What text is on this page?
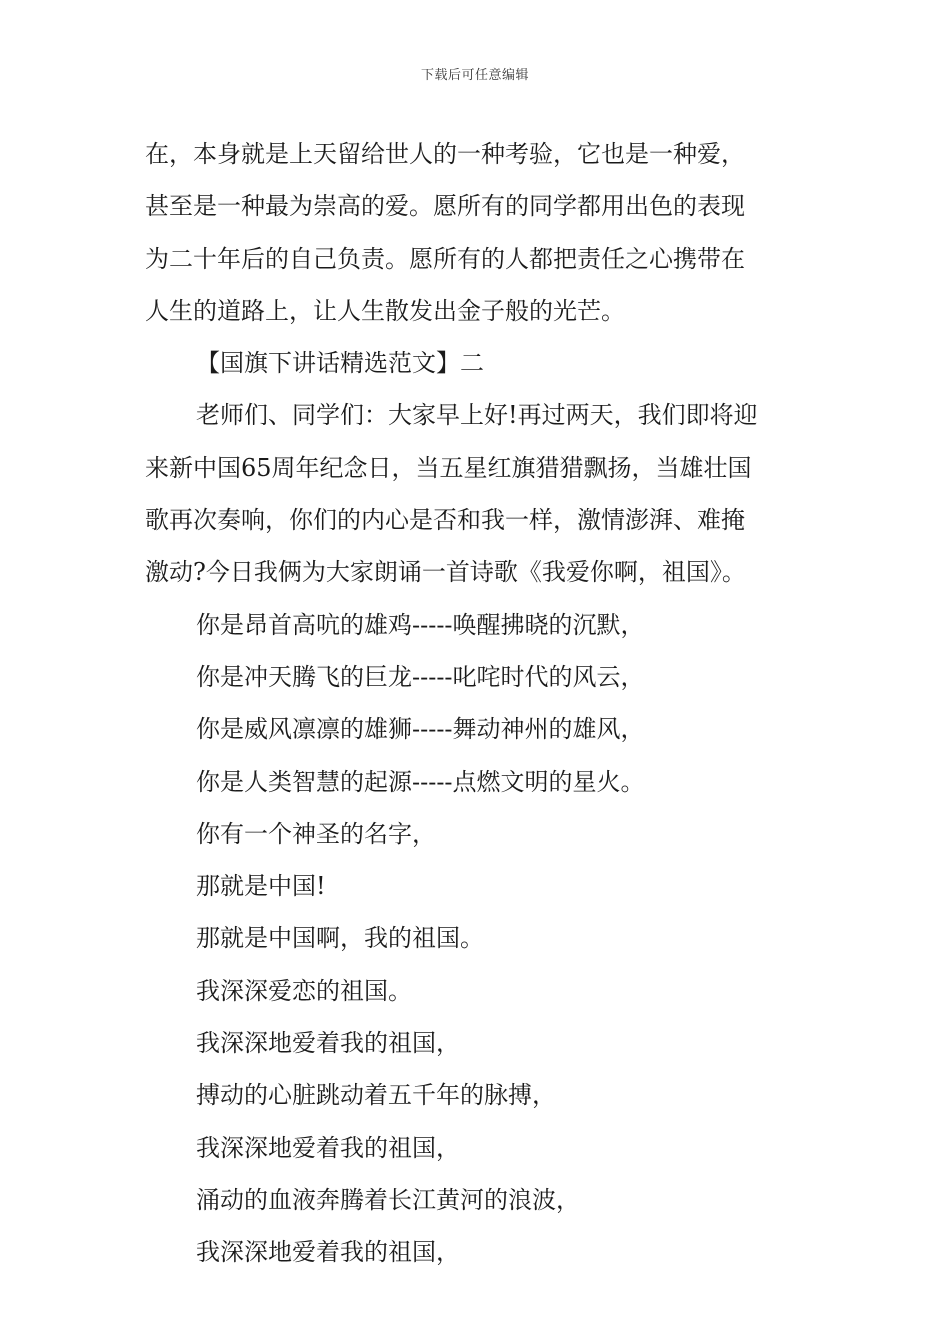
下载后可任意编辑
在，本身就是上天留给世人的一种考验，它也是一种爱，
甚至是一种最为崇高的爱。愿所有的同学都用出色的表现
为二十年后的自己负责。愿所有的人都把责任之心携带在
人生的道路上，让人生散发出金子般的光芒。
【国旗下讲话精选范文】二
老师们、同学们：大家早上好!再过两天，我们即将迎
来新中国65周年纪念日，当五星红旗猎猎飘扬，当雄壮国
歌再次奏响，你们的内心是否和我一样，激情澎湃、难掩
激动?今日我俩为大家朗诵一首诗歌《我爱你啊，祖国》。
你是昂首高吭的雄鸡-----唤醒拂晓的沉默，
你是冲天腾飞的巨龙-----叱咤时代的风云，
你是威风凛凛的雄狮-----舞动神州的雄风，
你是人类智慧的起源-----点燃文明的星火。
你有一个神圣的名字，
那就是中国!
那就是中国啊，我的祖国。
我深深爱恋的祖国。
我深深地爱着我的祖国，
搏动的心脏跳动着五千年的脉搏，
我深深地爱着我的祖国，
涌动的血液奔腾着长江黄河的浪波，
我深深地爱着我的祖国，
